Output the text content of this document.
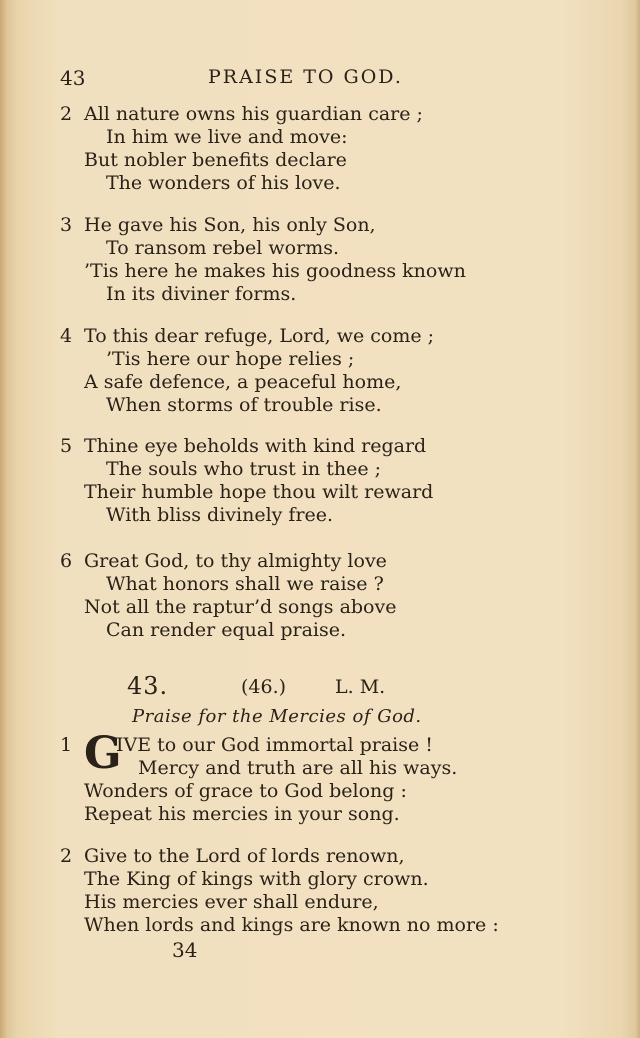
43	PRAISE TO GOD.
2 All nature owns his guardian care ;
In him we live and move:
But nobler benefits declare
The wonders of his love.
3 He gave his Son, his only Son,
To ransom rebel worms.
’Tis here he makes his goodness known
In its diviner forms.
4 To this dear refuge, Lord, we come ;
’Tis here our hope relies ;
A safe defence, a peaceful home,
When storms of trouble rise.
5 Thine eye beholds with kind regard
The souls who trust in thee ;
Their humble hope thou wilt reward
With bliss divinely free.
6 Great God, to thy almighty love
What honors shall we raise ?
Not all the raptur’d songs above
Can render equal praise.
43.	(46.)	L. M.
Praise for the Mercies of God.
1 G
IVE to our God immortal praise !
Mercy and truth are all his ways.
Wonders of grace to God belong :
Repeat his mercies in your song.
2 Give to the Lord of lords renown,
The King of kings with glory crown.
His mercies ever shall endure,
When lords and kings are known no more :
34
